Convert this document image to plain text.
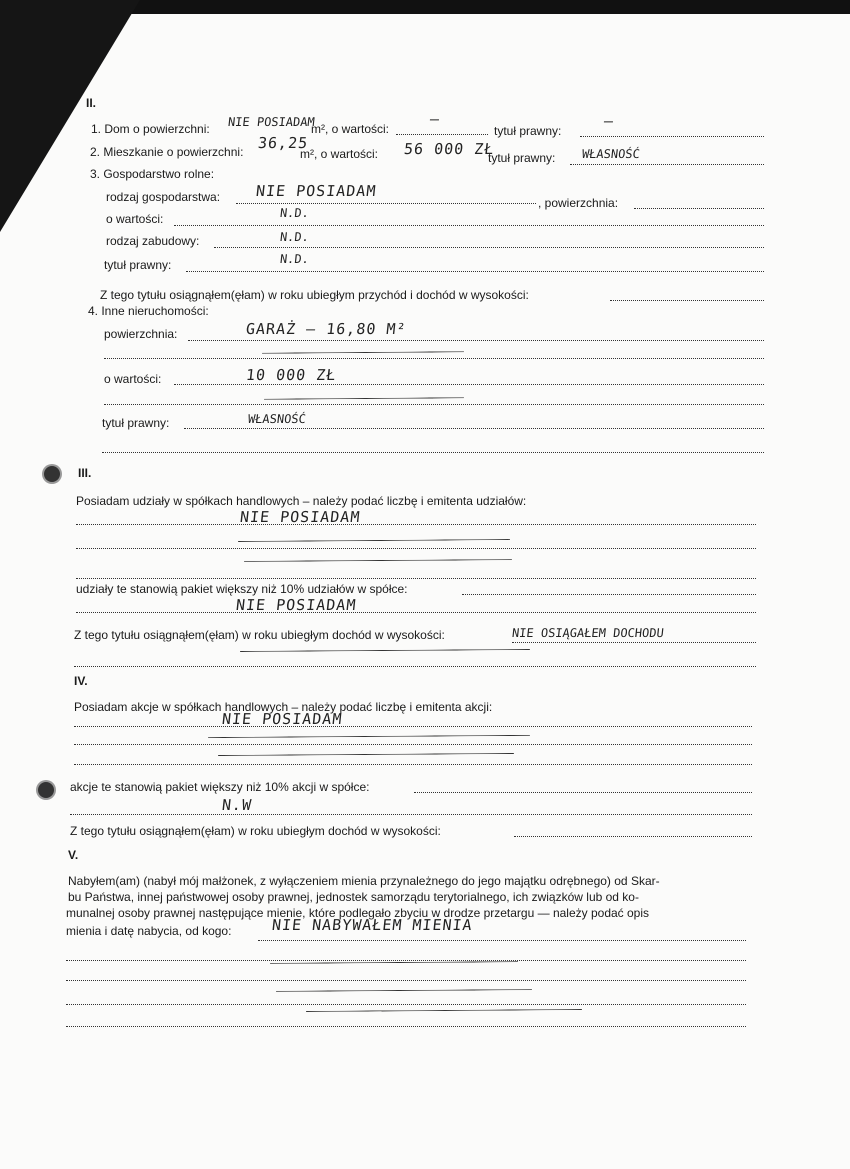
II.
1. Dom o powierzchni: NIE POSIADAM
m², o wartości:
—
tytuł prawny:
—
2. Mieszkanie o powierzchni: 36,25
m², o wartości: 56 000 ZŁ
tytuł prawny: WŁASNOŚĆ
3. Gospodarstwo rolne:
rodzaj gospodarstwa: NIE POSIADAM
, powierzchnia:
o wartości:	N.D.
rodzaj zabudowy:	N.D.
tytuł prawny:	N.D.
Z tego tytułu osiągnąłem(ęłam) w roku ubiegłym przychód i dochód w wysokości:
4. Inne nieruchomości:
powierzchnia:	GARAŻ – 16,80 M²
o wartości:	10 000 ZŁ
tytuł prawny:	WŁASNOŚĆ
III.
Posiadam udziały w spółkach handlowych – należy podać liczbę i emitenta udziałów:
NIE POSIADAM
udziały te stanowią pakiet większy niż 10% udziałów w spółce:
NIE POSIADAM
Z tego tytułu osiągnąłem(ęłam) w roku ubiegłym dochód w wysokości:	NIE OSIĄGAŁEM DOCHODU
IV.
Posiadam akcje w spółkach handlowych – należy podać liczbę i emitenta akcji:
NIE POSIADAM
akcje te stanowią pakiet większy niż 10% akcji w spółce:
N.W
Z tego tytułu osiągnąłem(ęłam) w roku ubiegłym dochód w wysokości:
V.
Nabyłem(am) (nabył mój małżonek, z wyłączeniem mienia przynależnego do jego majątku odrębnego) od Skar-
bu Państwa, innej państwowej osoby prawnej, jednostek samorządu terytorialnego, ich związków lub od ko-
munalnej osoby prawnej następujące mienie, które podlegało zbyciu w drodze przetargu — należy podać opis
mienia i datę nabycia, od kogo:	NIE NABYWAŁEM MIENIA
